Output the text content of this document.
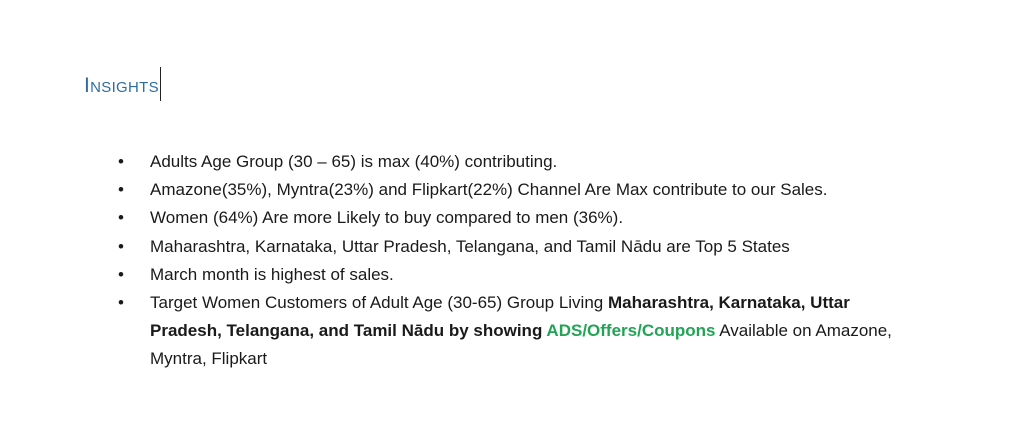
Insights
• Adults Age Group (30 – 65) is max (40%) contributing.
• Amazone(35%), Myntra(23%) and Flipkart(22%) Channel Are Max contribute to our Sales.
• Women (64%) Are more Likely to buy compared to men (36%).
• Maharashtra, Karnataka, Uttar Pradesh, Telangana, and Tamil Nādu are Top 5 States
• March month is highest of sales.
• Target Women Customers of Adult Age (30-65) Group Living Maharashtra, Karnataka, Uttar Pradesh, Telangana, and Tamil Nādu by showing ADS/Offers/Coupons Available on Amazone, Myntra, Flipkart
